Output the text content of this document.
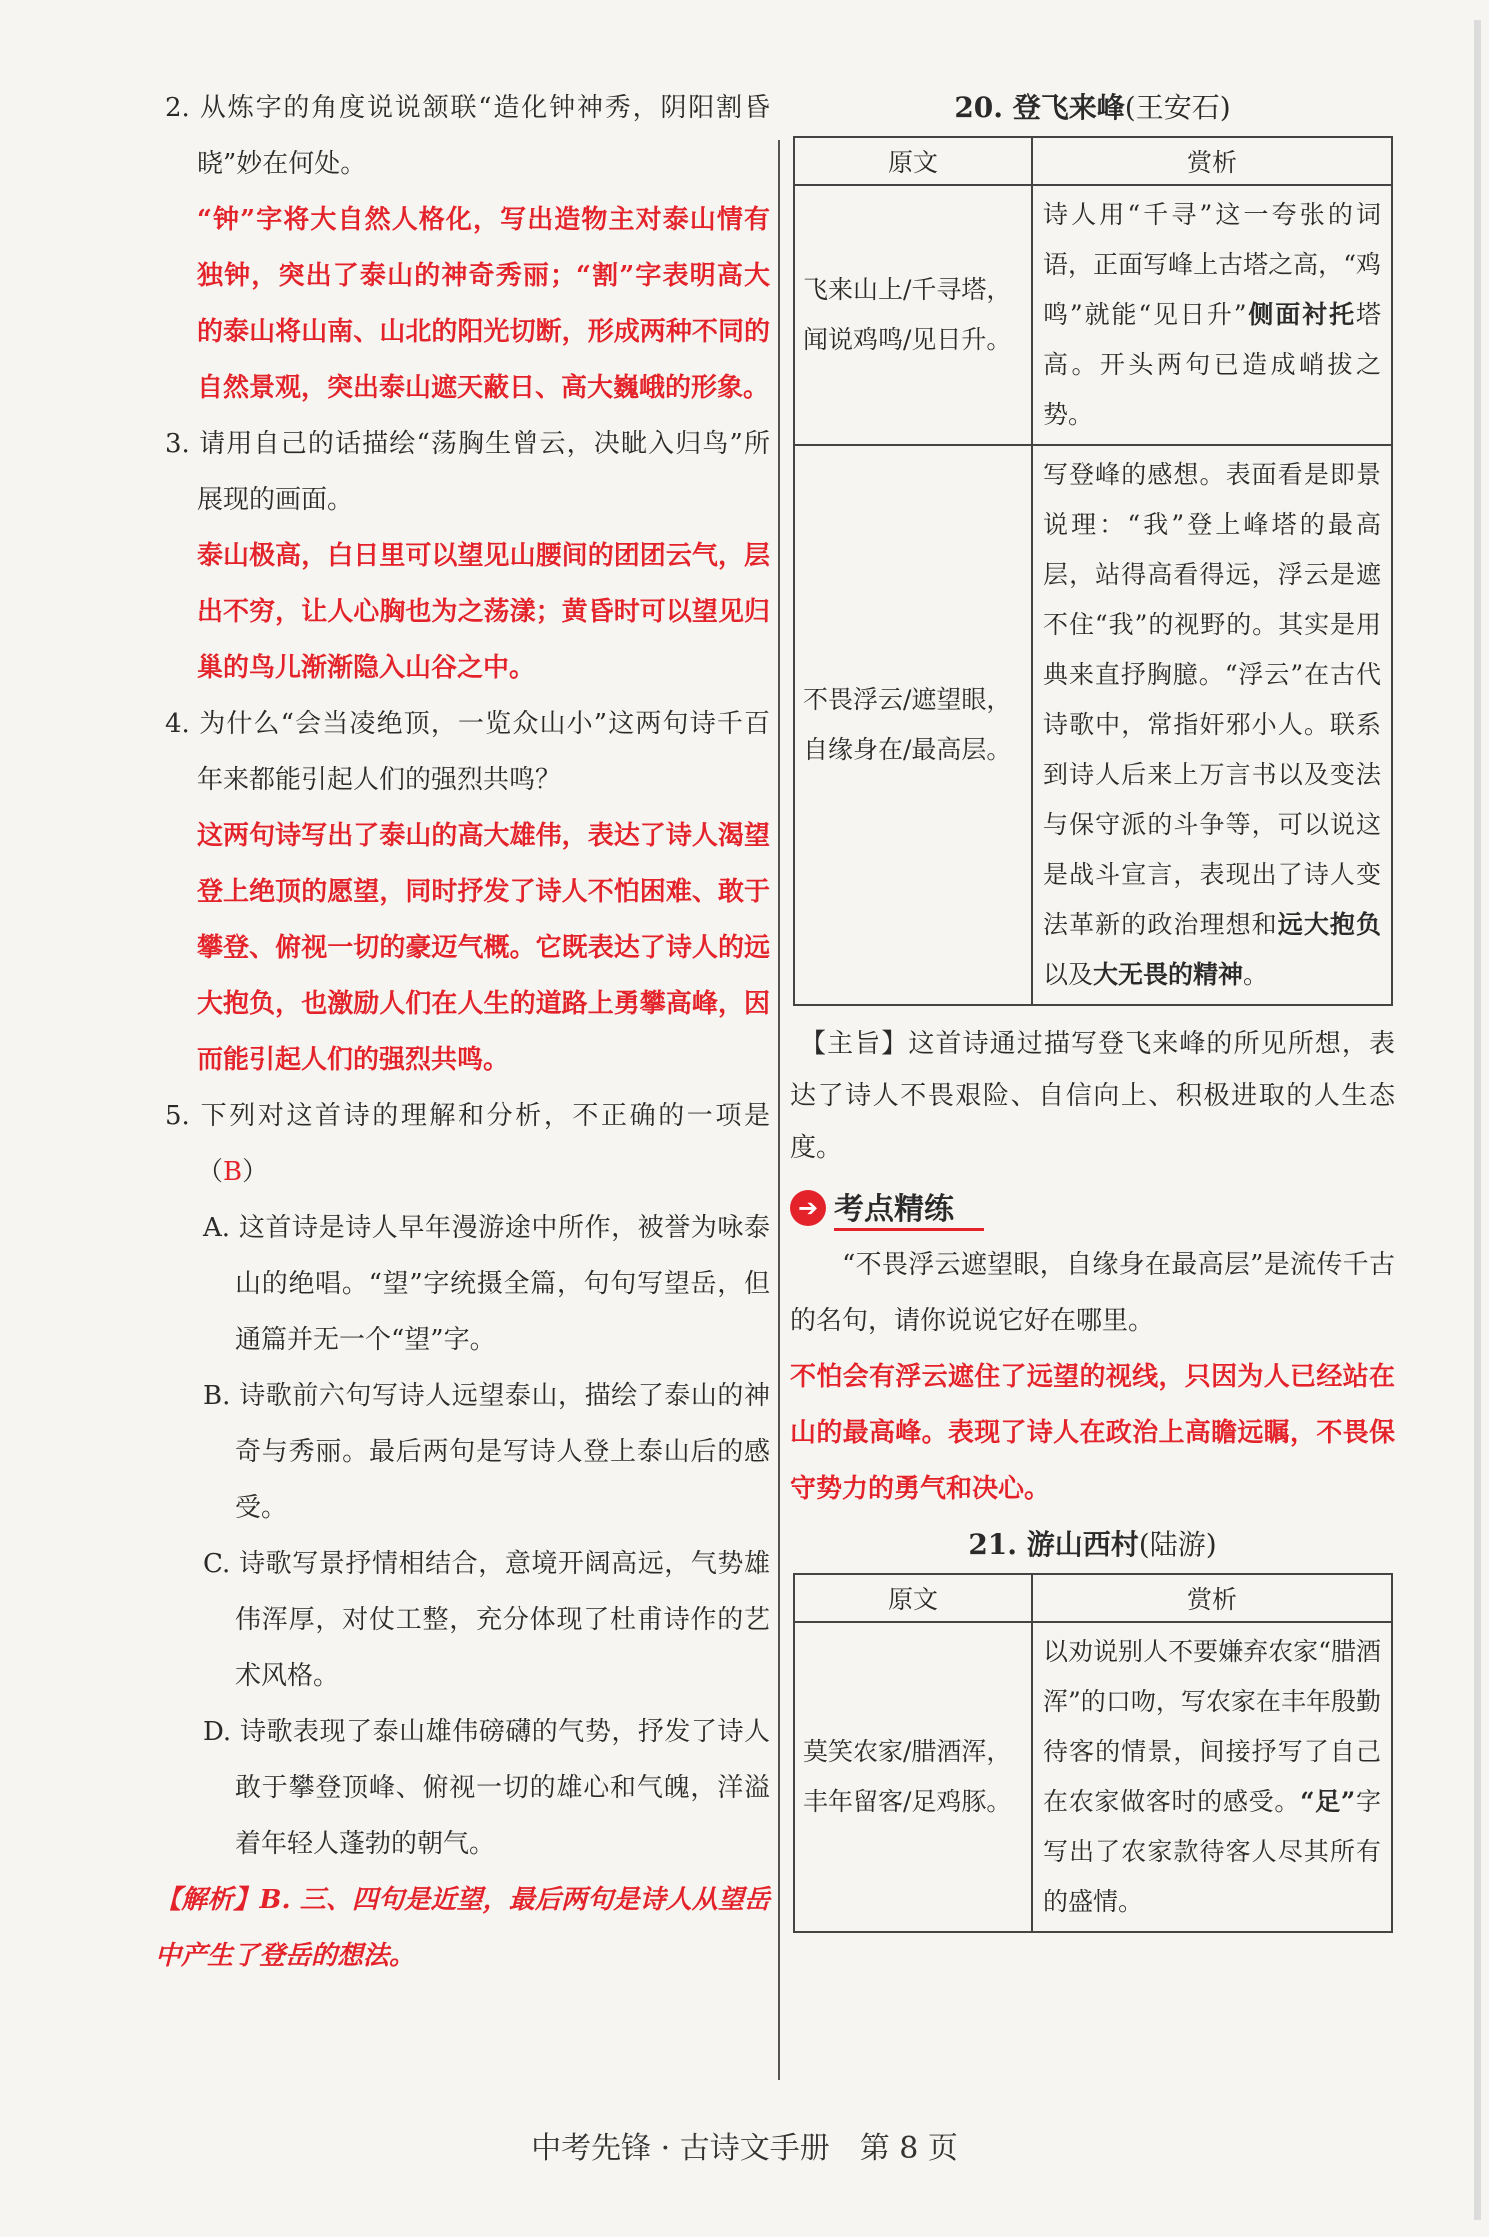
2. 从炼字的角度说说颔联“造化钟神秀，阴阳割昏晓”妙在何处。

“钟”字将大自然人格化，写出造物主对泰山情有独钟，突出了泰山的神奇秀丽；“割”字表明高大的泰山将山南、山北的阳光切断，形成两种不同的自然景观，突出泰山遮天蔽日、高大巍峨的形象。

3. 请用自己的话描绘“荡胸生曾云，决眦入归鸟”所展现的画面。

泰山极高，白日里可以望见山腰间的团团云气，层出不穷，让人心胸也为之荡漾；黄昏时可以望见归巢的鸟儿渐渐隐入山谷之中。

4. 为什么“会当凌绝顶，一览众山小”这两句诗千百年来都能引起人们的强烈共鸣？

这两句诗写出了泰山的高大雄伟，表达了诗人渴望登上绝顶的愿望，同时抒发了诗人不怕困难、敢于攀登、俯视一切的豪迈气概。它既表达了诗人的远大抱负，也激励人们在人生的道路上勇攀高峰，因而能引起人们的强烈共鸣。

5. 下列对这首诗的理解和分析，不正确的一项是（B）

A. 这首诗是诗人早年漫游途中所作，被誉为咏泰山的绝唱。“望”字统摄全篇，句句写望岳，但通篇并无一个“望”字。

B. 诗歌前六句写诗人远望泰山，描绘了泰山的神奇与秀丽。最后两句是写诗人登上泰山后的感受。

C. 诗歌写景抒情相结合，意境开阔高远，气势雄伟浑厚，对仗工整，充分体现了杜甫诗作的艺术风格。

D. 诗歌表现了泰山雄伟磅礴的气势，抒发了诗人敢于攀登顶峰、俯视一切的雄心和气魄，洋溢着年轻人蓬勃的朝气。

【解析】B. 三、四句是近望，最后两句是诗人从望岳中产生了登岳的想法。

20. 登飞来峰(王安石)

原文	赏析
飞来山上/千寻塔，闻说鸡鸣/见日升。	诗人用“千寻”这一夸张的词语，正面写峰上古塔之高，“鸡鸣”就能“见日升”侧面衬托塔高。开头两句已造成峭拔之势。
不畏浮云/遮望眼，自缘身在/最高层。	写登峰的感想。表面看是即景说理：“我”登上峰塔的最高层，站得高看得远，浮云是遮不住“我”的视野的。其实是用典来直抒胸臆。“浮云”在古代诗歌中，常指奸邪小人。联系到诗人后来上万言书以及变法与保守派的斗争等，可以说这是战斗宣言，表现出了诗人变法革新的政治理想和远大抱负以及大无畏的精神。

【主旨】这首诗通过描写登飞来峰的所见所想，表达了诗人不畏艰险、自信向上、积极进取的人生态度。

➔ 考点精练

“不畏浮云遮望眼，自缘身在最高层”是流传千古的名句，请你说说它好在哪里。

不怕会有浮云遮住了远望的视线，只因为人已经站在山的最高峰。表现了诗人在政治上高瞻远瞩，不畏保守势力的勇气和决心。

21. 游山西村(陆游)

原文	赏析
莫笑农家/腊酒浑，丰年留客/足鸡豚。	以劝说别人不要嫌弃农家“腊酒浑”的口吻，写农家在丰年殷勤待客的情景，间接抒写了自己在农家做客时的感受。“足”字写出了农家款待客人尽其所有的盛情。
中考先锋 · 古诗文手册　第 8 页
